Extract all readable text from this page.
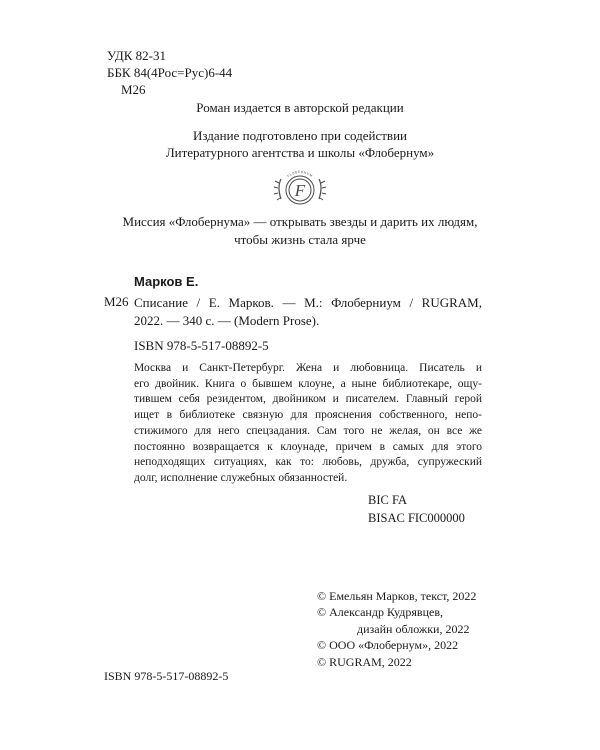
УДК 82-31
ББК 84(4Рос=Рус)6-44
М26
Роман издается в авторской редакции
Издание подготовлено при содействии
Литературного агентства и школы «Флобернум»
F
FLOBERNUM
Миссия «Флобернума» — открывать звезды и дарить их людям,
чтобы жизнь стала ярче
Марков Е.
М26 Списание / Е. Марков. — М.: Флоберниум / RUGRAM,
2022. — 340 с. — (Modern Prose).
ISBN 978-5-517-08892-5
Москва и Санкт-Петербург. Жена и любовница. Писатель и
его двойник. Книга о бывшем клоуне, а ныне библиотекаре, ощу-
тившем себя резидентом, двойником и писателем. Главный герой
ищет в библиотеке связную для прояснения собственного, непо-
стижимого для него спецзадания. Сам того не желая, он все же
постоянно возвращается к клоунаде, причем в самых для этого
неподходящих ситуациях, как то: любовь, дружба, супружеский
долг, исполнение служебных обязанностей.
BIC FA
BISAC FIC000000
© Емельян Марков, текст, 2022
© Александр Кудрявцев,
дизайн обложки, 2022
© ООО «Флобернум», 2022
© RUGRAM, 2022
ISBN 978-5-517-08892-5
